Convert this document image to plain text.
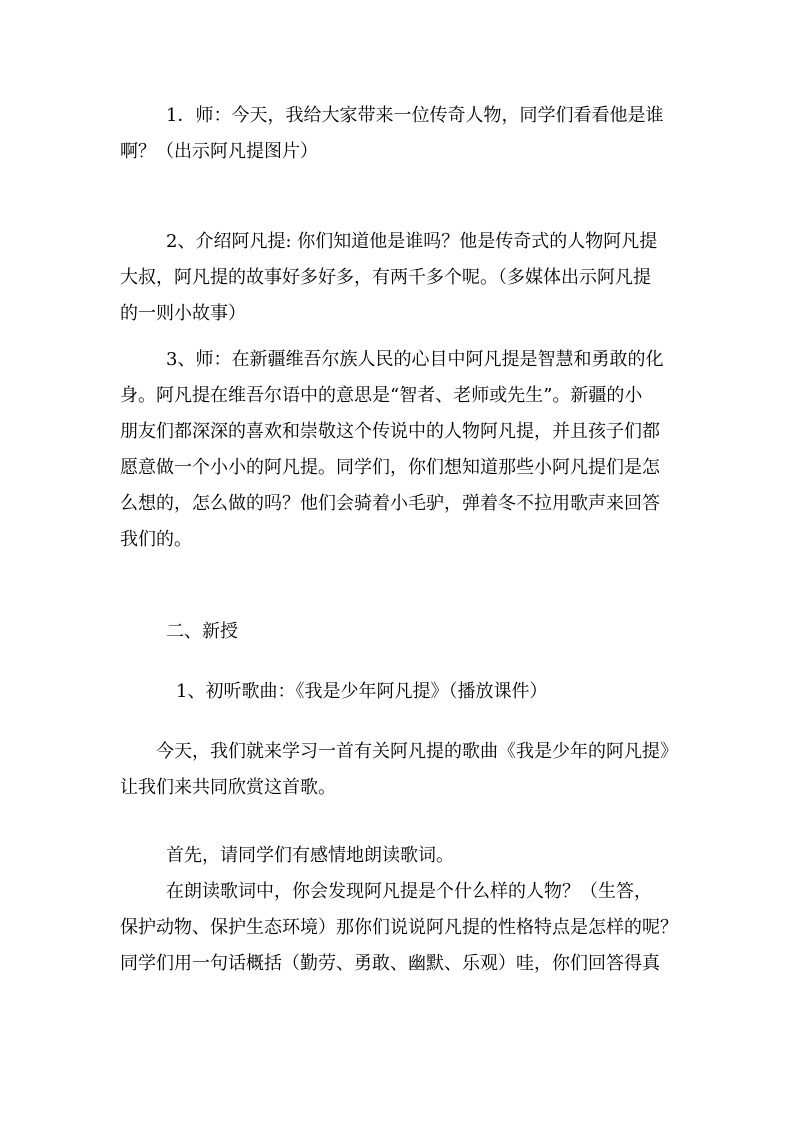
1．师：今天，我给大家带来一位传奇人物，同学们看看他是谁
啊？（出示阿凡提图片）
2、介绍阿凡提: 你们知道他是谁吗？他是传奇式的人物阿凡提
大叔，阿凡提的故事好多好多，有两千多个呢。（多媒体出示阿凡提
的一则小故事）
3、师：在新疆维吾尔族人民的心目中阿凡提是智慧和勇敢的化
身。阿凡提在维吾尔语中的意思是“智者、老师或先生”。新疆的小
朋友们都深深的喜欢和崇敬这个传说中的人物阿凡提，并且孩子们都
愿意做一个小小的阿凡提。同学们，你们想知道那些小阿凡提们是怎
么想的，怎么做的吗？他们会骑着小毛驴，弹着冬不拉用歌声来回答
我们的。
二、新授
1、初听歌曲：《我是少年阿凡提》（播放课件）
今天，我们就来学习一首有关阿凡提的歌曲《我是少年的阿凡提》
让我们来共同欣赏这首歌。
首先，请同学们有感情地朗读歌词。
在朗读歌词中，你会发现阿凡提是个什么样的人物？（生答，
保护动物、保护生态环境）那你们说说阿凡提的性格特点是怎样的呢？
同学们用一句话概括（勤劳、勇敢、幽默、乐观）哇，你们回答得真
